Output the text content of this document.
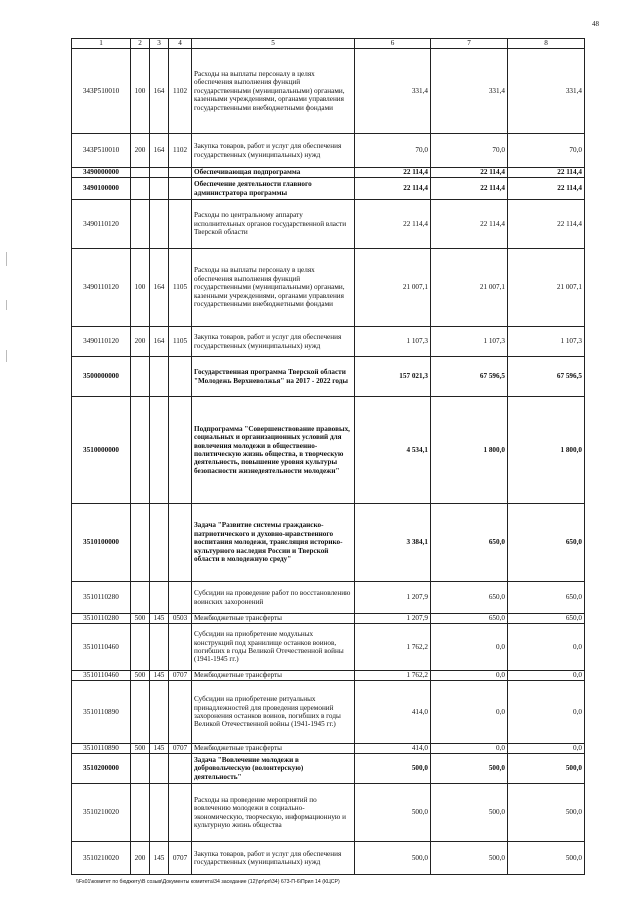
48
1	2	3	4	5	6	7	8
343Р510010	100	164	1102	Расходы на выплаты персоналу в целях обеспечения выполнения функций государственными (муниципальными) органами, казенными учреждениями, органами управления государственными внебюджетными фондами	331,4	331,4	331,4
343Р510010	200	164	1102	Закупка товаров, работ и услуг для обеспечения государственных (муниципальных) нужд	70,0	70,0	70,0
3490000000				Обеспечивающая подпрограмма	22 114,4	22 114,4	22 114,4
3490100000				Обеспечение деятельности главного администратора программы	22 114,4	22 114,4	22 114,4
3490110120				Расходы по центральному аппарату исполнительных органов государственной власти Тверской области	22 114,4	22 114,4	22 114,4
3490110120	100	164	1105	Расходы на выплаты персоналу в целях обеспечения выполнения функций государственными (муниципальными) органами, казенными учреждениями, органами управления государственными внебюджетными фондами	21 007,1	21 007,1	21 007,1
3490110120	200	164	1105	Закупка товаров, работ и услуг для обеспечения государственных (муниципальных) нужд	1 107,3	1 107,3	1 107,3
3500000000				Государственная программа Тверской области "Молодежь Верхневолжья" на 2017 - 2022 годы	157 021,3	67 596,5	67 596,5
3510000000				Подпрограмма "Совершенствование правовых, социальных и организационных условий для вовлечения молодежи в общественно-политическую жизнь общества, в творческую деятельность, повышение уровня культуры безопасности жизнедеятельности молодежи"	4 534,1	1 800,0	1 800,0
3510100000				Задача "Развитие системы гражданско-патриотического и духовно-нравственного воспитания молодежи, трансляция историко-культурного наследия России и Тверской области в молодежную среду"	3 384,1	650,0	650,0
3510110280				Субсидии на проведение работ по восстановлению воинских захоронений	1 207,9	650,0	650,0
3510110280	500	145	0503	Межбюджетные трансферты	1 207,9	650,0	650,0
3510110460				Субсидии на приобретение модульных конструкций под хранилище останков воинов, погибших в годы Великой Отечественной войны (1941-1945 гг.)	1 762,2	0,0	0,0
3510110460	500	145	0707	Межбюджетные трансферты	1 762,2	0,0	0,0
3510110890				Субсидии на приобретение ритуальных принадлежностей для проведения церемоний захоронения останков воинов, погибших в годы Великой Отечественной войны (1941-1945 гг.)	414,0	0,0	0,0
3510110890	500	145	0707	Межбюджетные трансферты	414,0	0,0	0,0
3510200000				Задача "Вовлечение молодежи в добровольческую (волонтерскую) деятельность"	500,0	500,0	500,0
3510210020				Расходы на проведение мероприятий по вовлечению молодежи в социально-экономическую, творческую, информационную и культурную жизнь общества	500,0	500,0	500,0
3510210020	200	145	0707	Закупка товаров, работ и услуг для обеспечения государственных (муниципальных) нужд	500,0	500,0	500,0
\\Fs01\комитет по бюджету\В созыв\Документы комитета\34 заседание (12)\pr\pri\34) 673-П-6\Прил 14 (КЦСР)
